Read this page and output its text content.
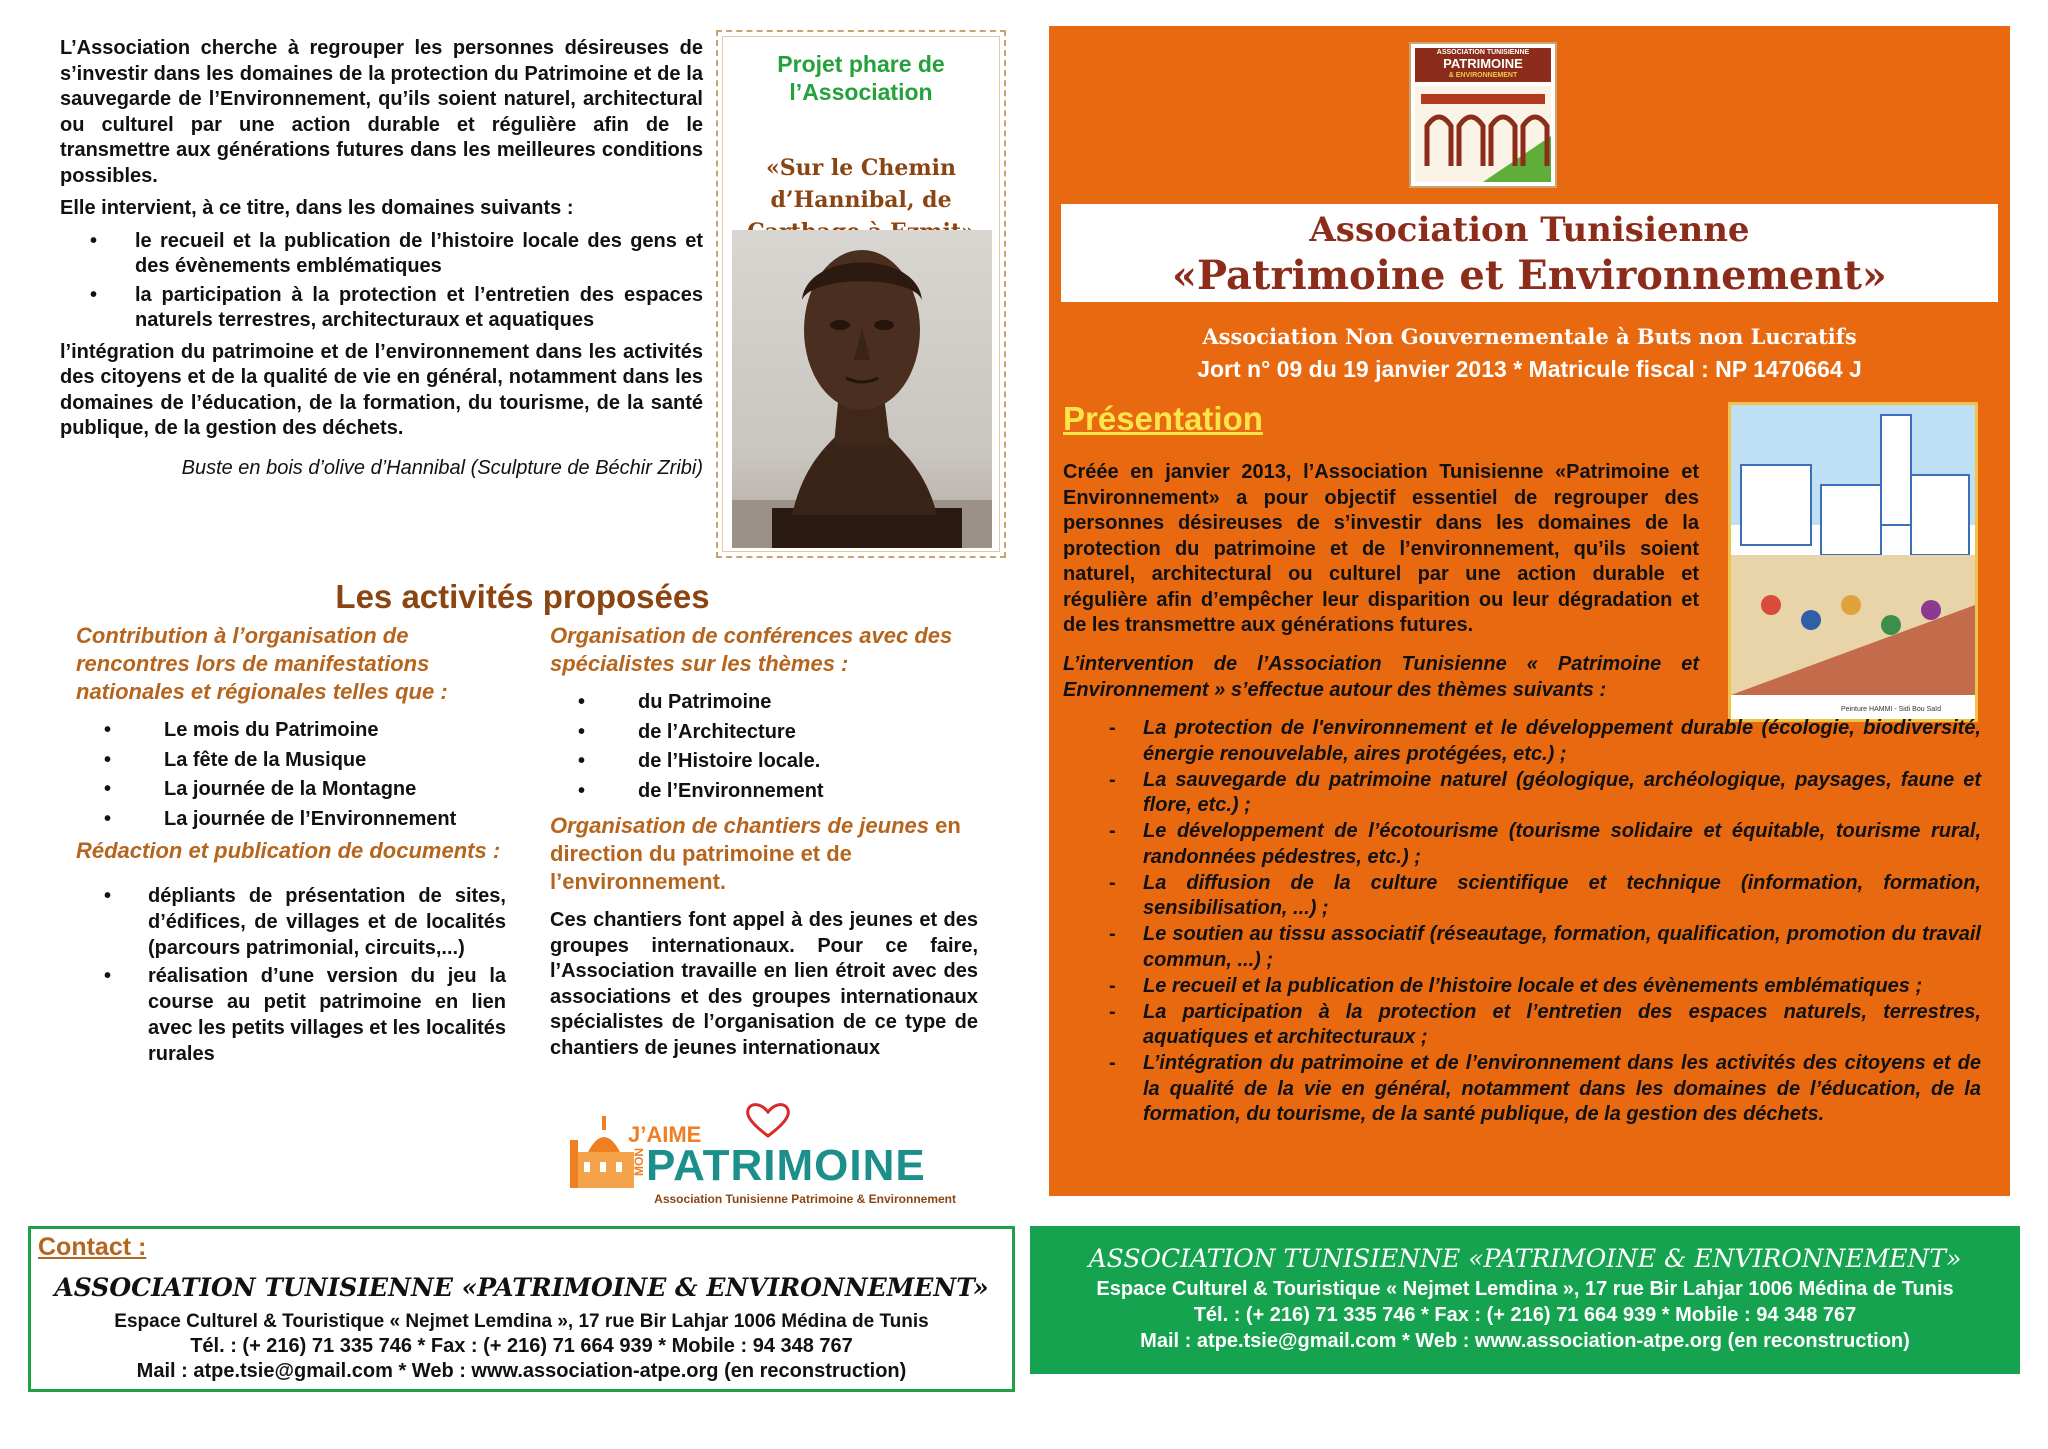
L’Association cherche à regrouper les personnes désireuses de s’investir dans les domaines de la protection du Patrimoine et de la sauvegarde de l’Environnement, qu’ils soient naturel, architectural ou culturel par une action durable et régulière afin de le transmettre aux générations futures dans les meilleures conditions possibles.

Elle intervient, à ce titre, dans les domaines suivants :

• le recueil et la publication de l’histoire locale des gens et des évènements emblématiques
• la participation à la protection et l’entretien des espaces naturels terrestres, architecturaux et aquatiques

l’intégration du patrimoine et de l’environnement dans les activités des citoyens et de la qualité de vie en général, notamment dans les domaines de l’éducation, de la formation, du tourisme, de la santé publique, de la gestion des déchets.

Buste en bois d’olive d’Hannibal (Sculpture de Béchir Zribi)

Projet phare de l’Association
«Sur le Chemin d’Hannibal, de
Les activités proposées
Contribution à l’organisation de rencontres lors de manifestations nationales et régionales telles que :
• Le mois du Patrimoine
• La fête de la Musique
• La journée de la Montagne
• La journée de l’Environnement
Rédaction et publication de documents :
• dépliants de présentation de sites, d’édifices, de villages et de localités (parcours patrimonial, circuits,...)
• réalisation d’une version du jeu la course au petit patrimoine en lien avec les petits villages et les localités rurales
Organisation de conférences avec des spécialistes sur les thèmes :
• du Patrimoine
• de l’Architecture
• de l’Histoire locale.
• de l’Environnement
Organisation de chantiers de jeunes en direction du patrimoine et de l’environnement.
Ces chantiers font appel à des jeunes et des groupes internationaux. Pour ce faire, l’Association travaille en lien étroit avec des associations et des groupes internationaux spécialistes de l’organisation de ce type de chantiers de jeunes internationaux
J’AIME
MON PATRIMOINE
Association Tunisienne Patrimoine & Environnement
ASSOCIATION TUNISIENNE
PATRIMOINE
& ENVIRONNEMENT
Association Tunisienne
«Patrimoine et Environnement»
Association Non Gouvernementale à Buts non Lucratifs
Jort n° 09 du 19 janvier 2013 * Matricule fiscal : NP 1470664 J
Présentation
Créée en janvier 2013, l’Association Tunisienne «Patrimoine et Environnement» a pour objectif essentiel de regrouper des personnes désireuses de s’investir dans les domaines de la protection du patrimoine et de l’environnement, qu’ils soient naturel, architectural ou culturel par une action durable et régulière afin d’empêcher leur disparition ou leur dégradation et de les transmettre aux générations futures.
L’intervention de l’Association Tunisienne « Patrimoine et Environnement » s’effectue autour des thèmes suivants :
Peinture HAMMI - Sidi Bou Saïd
- La protection de l'environnement et le développement durable (écologie, biodiversité, énergie renouvelable, aires protégées, etc.) ;
- La sauvegarde du patrimoine naturel (géologique, archéologique, paysages, faune et flore, etc.) ;
- Le développement de l’écotourisme (tourisme solidaire et équitable, tourisme rural, randonnées pédestres, etc.) ;
- La diffusion de la culture scientifique et technique (information, formation, sensibilisation, ...) ;
- Le soutien au tissu associatif (réseautage, formation, qualification, promotion du travail commun, ...) ;
- Le recueil et la publication de l’histoire locale et des évènements emblématiques ;
- La participation à la protection et l’entretien des espaces naturels, terrestres, aquatiques et architecturaux ;
- L’intégration du patrimoine et de l’environnement dans les activités des citoyens et de la qualité de la vie en général, notamment dans les domaines de l’éducation, de la formation, du tourisme, de la santé publique, de la gestion des déchets.
Contact :
ASSOCIATION TUNISIENNE «PATRIMOINE & ENVIRONNEMENT»
Espace Culturel & Touristique « Nejmet Lemdina », 17 rue Bir Lahjar 1006 Médina de Tunis
Tél. : (+ 216) 71 335 746 * Fax : (+ 216) 71 664 939 * Mobile : 94 348 767
Mail : atpe.tsie@gmail.com * Web : www.association-atpe.org (en reconstruction)
ASSOCIATION TUNISIENNE «PATRIMOINE & ENVIRONNEMENT»
Espace Culturel & Touristique « Nejmet Lemdina », 17 rue Bir Lahjar 1006 Médina de Tunis
Tél. : (+ 216) 71 335 746 * Fax : (+ 216) 71 664 939 * Mobile : 94 348 767
Mail : atpe.tsie@gmail.com * Web : www.association-atpe.org (en reconstruction)
